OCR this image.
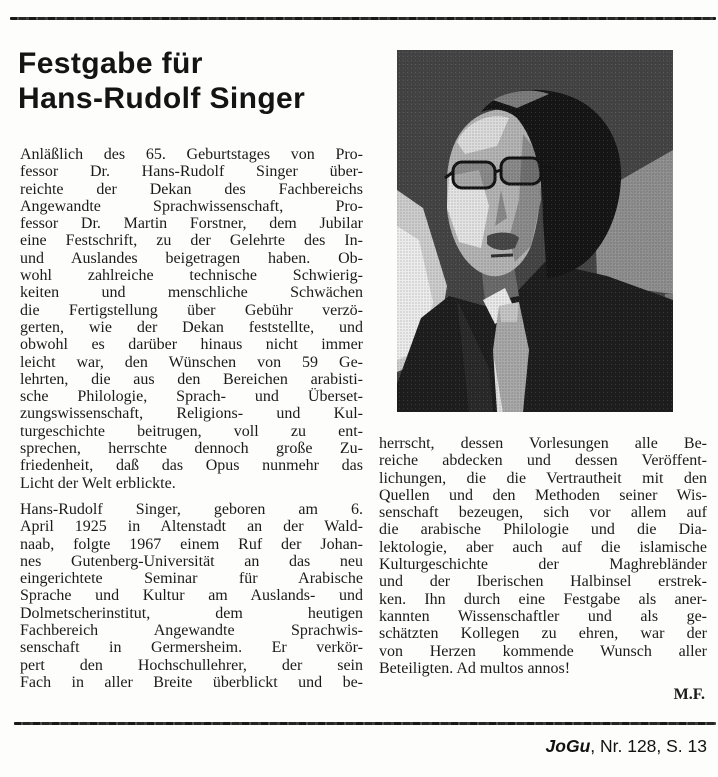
Festgabe für
Hans-Rudolf Singer
Anläßlich des 65. Geburtstages von Pro-
fessor Dr. Hans-Rudolf Singer über-
reichte der Dekan des Fachbereichs
Angewandte Sprachwissenschaft, Pro-
fessor Dr. Martin Forstner, dem Jubilar
eine Festschrift, zu der Gelehrte des In-
und Auslandes beigetragen haben. Ob-
wohl zahlreiche technische Schwierig-
keiten und menschliche Schwächen
die Fertigstellung über Gebühr verzö-
gerten, wie der Dekan feststellte, und
obwohl es darüber hinaus nicht immer
leicht war, den Wünschen von 59 Ge-
lehrten, die aus den Bereichen arabisti-
sche Philologie, Sprach- und Überset-
zungswissenschaft, Religions- und Kul-
turgeschichte beitrugen, voll zu ent-
sprechen, herrschte dennoch große Zu-
friedenheit, daß das Opus nunmehr das
Licht der Welt erblickte.
Hans-Rudolf Singer, geboren am 6.
April 1925 in Altenstadt an der Wald-
naab, folgte 1967 einem Ruf der Johan-
nes Gutenberg-Universität an das neu
eingerichtete Seminar für Arabische
Sprache und Kultur am Auslands- und
Dolmetscherinstitut, dem heutigen
Fachbereich Angewandte Sprachwis-
senschaft in Germersheim. Er verkör-
pert den Hochschullehrer, der sein
Fach in aller Breite überblickt und be-
herrscht, dessen Vorlesungen alle Be-
reiche abdecken und dessen Veröffent-
lichungen, die die Vertrautheit mit den
Quellen und den Methoden seiner Wis-
senschaft bezeugen, sich vor allem auf
die arabische Philologie und die Dia-
lektologie, aber auch auf die islamische
Kulturgeschichte der Maghrebländer
und der Iberischen Halbinsel erstrek-
ken. Ihn durch eine Festgabe als aner-
kannten Wissenschaftler und als ge-
schätzten Kollegen zu ehren, war der
von Herzen kommende Wunsch aller
Beteiligten. Ad multos annos!
M.F.
JoGu, Nr. 128, S. 13
